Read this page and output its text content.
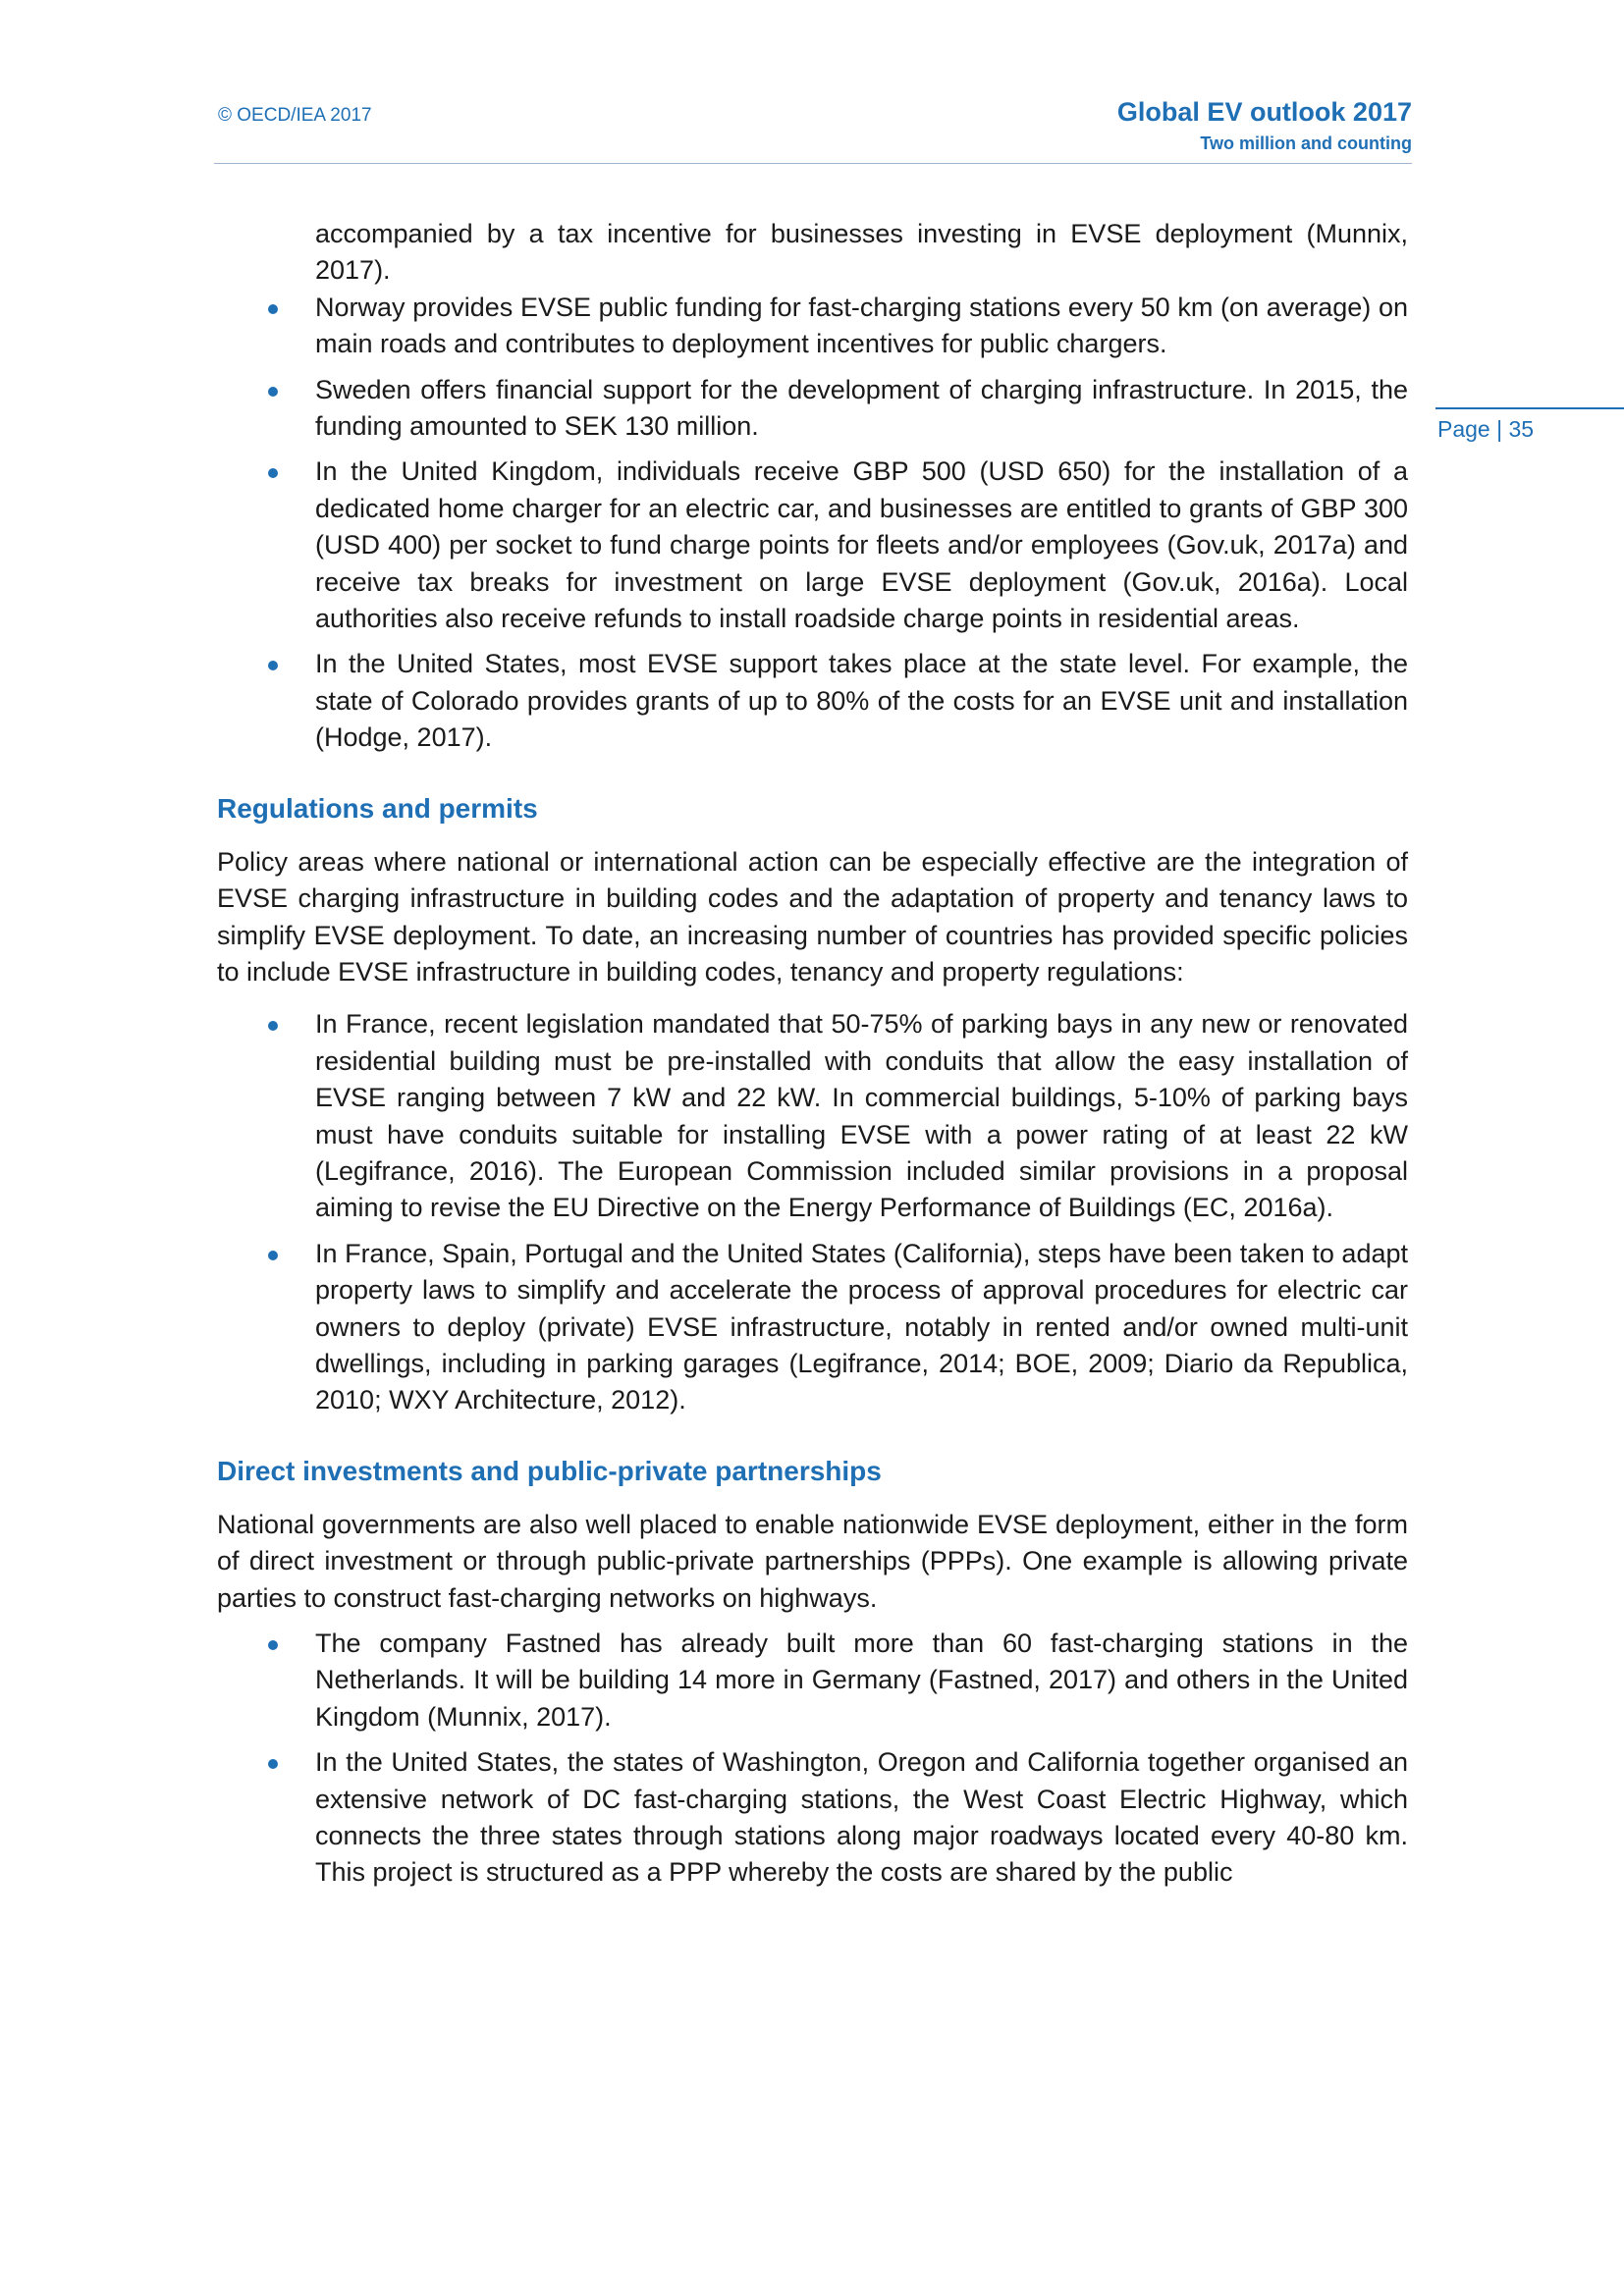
© OECD/IEA 2017	Global EV outlook 2017

Two million and counting

Page | 35

accompanied by a tax incentive for businesses investing in EVSE deployment (Munnix, 2017).

Norway provides EVSE public funding for fast-charging stations every 50 km (on average) on main roads and contributes to deployment incentives for public chargers.
Sweden offers financial support for the development of charging infrastructure. In 2015, the funding amounted to SEK 130 million.
In the United Kingdom, individuals receive GBP 500 (USD 650) for the installation of a dedicated home charger for an electric car, and businesses are entitled to grants of GBP 300 (USD 400) per socket to fund charge points for fleets and/or employees (Gov.uk, 2017a) and receive tax breaks for investment on large EVSE deployment (Gov.uk, 2016a). Local authorities also receive refunds to install roadside charge points in residential areas.
In the United States, most EVSE support takes place at the state level. For example, the state of Colorado provides grants of up to 80% of the costs for an EVSE unit and installation (Hodge, 2017).
Regulations and permits

Policy areas where national or international action can be especially effective are the integration of EVSE charging infrastructure in building codes and the adaptation of property and tenancy laws to simplify EVSE deployment. To date, an increasing number of countries has provided specific policies to include EVSE infrastructure in building codes, tenancy and property regulations:

In France, recent legislation mandated that 50-75% of parking bays in any new or renovated residential building must be pre-installed with conduits that allow the easy installation of EVSE ranging between 7 kW and 22 kW. In commercial buildings, 5-10% of parking bays must have conduits suitable for installing EVSE with a power rating of at least 22 kW (Legifrance, 2016). The European Commission included similar provisions in a proposal aiming to revise the EU Directive on the Energy Performance of Buildings (EC, 2016a).
In France, Spain, Portugal and the United States (California), steps have been taken to adapt property laws to simplify and accelerate the process of approval procedures for electric car owners to deploy (private) EVSE infrastructure, notably in rented and/or owned multi-unit dwellings, including in parking garages (Legifrance, 2014; BOE, 2009; Diario da Republica, 2010; WXY Architecture, 2012).
Direct investments and public-private partnerships

National governments are also well placed to enable nationwide EVSE deployment, either in the form of direct investment or through public-private partnerships (PPPs). One example is allowing private parties to construct fast-charging networks on highways.

The company Fastned has already built more than 60 fast-charging stations in the Netherlands. It will be building 14 more in Germany (Fastned, 2017) and others in the United Kingdom (Munnix, 2017).
In the United States, the states of Washington, Oregon and California together organised an extensive network of DC fast-charging stations, the West Coast Electric Highway, which connects the three states through stations along major roadways located every 40-80 km. This project is structured as a PPP whereby the costs are shared by the public
